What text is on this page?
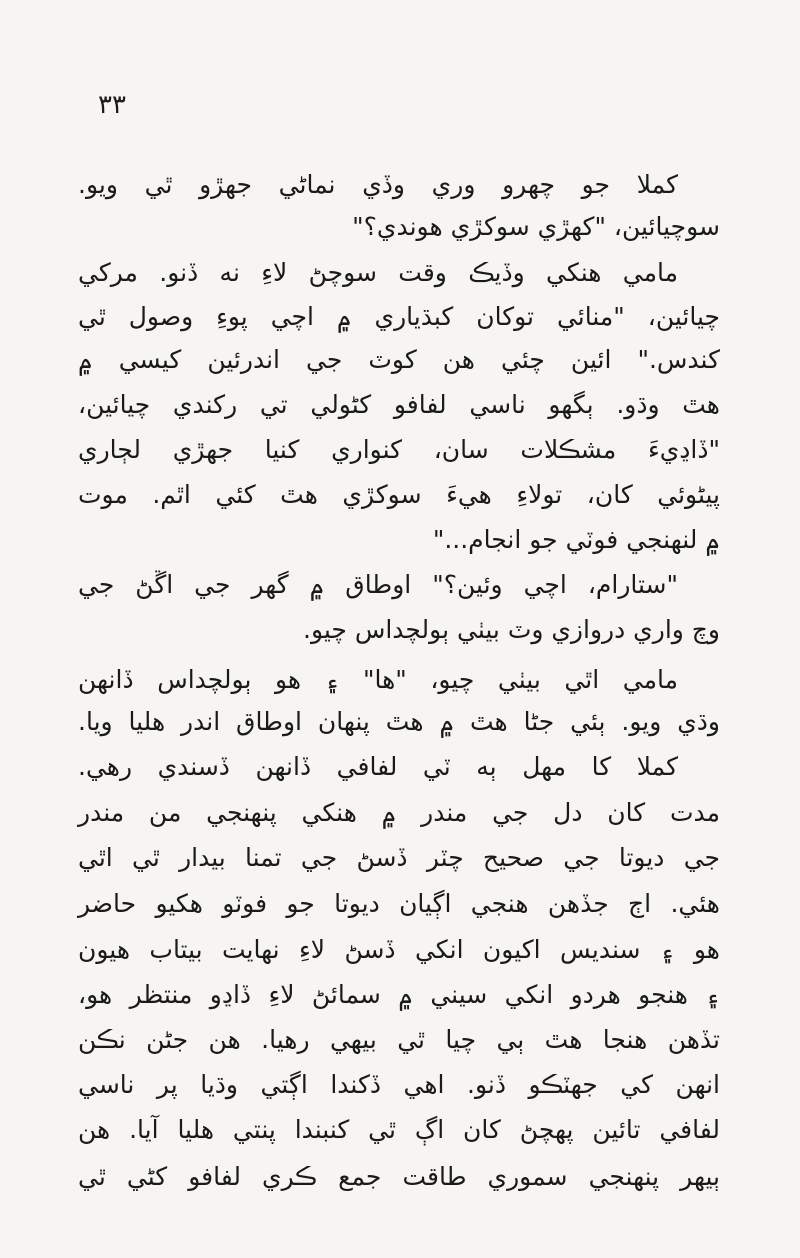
٣٣
کملا جو چهرو وري وڏي نماڻي جهڙو ٿي ويو.
سوچيائين، "کهڙي سوکڙي هوندي؟"
مامي هنکي وڏيڪ وقت سوچڻ لاءِ نه ڏنو. مرکي
چيائين، "منائي توکان کبڌياري ۾ اچي پوءِ وصول ٿي
کندس." ائين چئي هن کوٽ جي اندرئين کيسي ۾
هٿ وڌو. ٻگهو ناسي لفافو کڻولي تي رکندي چيائين،
"ڏاڍيءَ مشڪلات سان، کنواري کنيا جهڙي لڄاري
پيڻوئي کان، تولاءِ هيءَ سوکڙي هٿ کئي اٿم. موت
۾ لنهنجي فوٽي جو انجام..."
"ستارام، اچي وئين؟" اوطاق ۾ گهر جي اڱڻ جي
وچ واري دروازي وٽ بيٺي ٻولچداس چيو.
مامي اٿي بيٺي چيو، "ها" ۽ هو ٻولچداس ڏانهن
وڌي ويو. ٻئي جڻا هٿ ۾ هٿ پنهان اوطاق اندر هليا ويا.
کملا کا مهل ٻه ٽي لفافي ڏانهن ڏسندي رهي.
مدت کان دل جي مندر ۾ هنکي پنهنجي من مندر
جي ديوتا جي صحيح چٽر ڏسڻ جي تمنا بيدار ٿي اٿي
هئي. اڄ جڏهن هنجي اڳيان ديوتا جو فوٽو هکيو حاضر
هو ۽ سنديس اکيون انکي ڏسڻ لاءِ نهايت بيتاب هيون
۽ هنجو هردو انکي سيني ۾ سمائڻ لاءِ ڏاڍو منتظر هو،
تڏهن هنجا هٿ ٻي چيا ٿي بيهي رهيا. هن جڻن نڪن
انهن کي جهٽڪو ڏنو. اهي ڏکندا اڳتي وڌيا پر ناسي
لفافي تائين پهچڻ کان اڳ ٿي کنبندا پنتي هليا آيا. هن
ٻيهر پنهنجي سموري طاقت جمع ڪري لفافو کڻي ٿي
